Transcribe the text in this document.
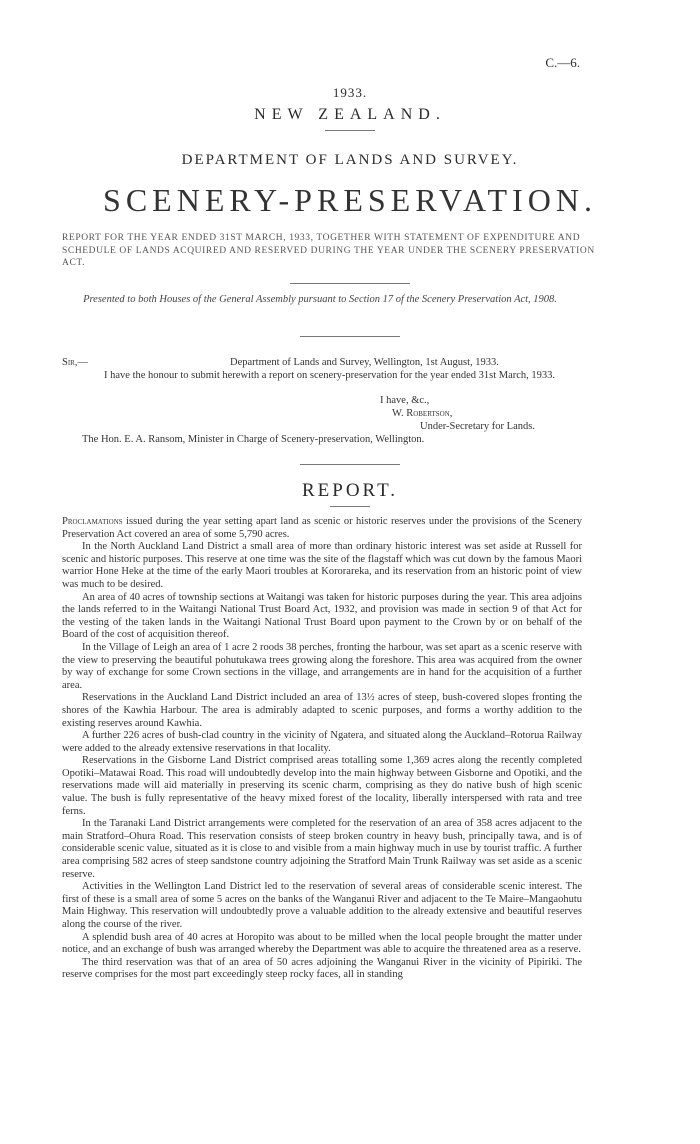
C.—6.
1933.
NEW ZEALAND.
DEPARTMENT OF LANDS AND SURVEY.
SCENERY-PRESERVATION.
REPORT FOR THE YEAR ENDED 31ST MARCH, 1933, TOGETHER WITH STATEMENT OF EXPENDITURE AND SCHEDULE OF LANDS ACQUIRED AND RESERVED DURING THE YEAR UNDER THE SCENERY PRESERVATION ACT.
Presented to both Houses of the General Assembly pursuant to Section 17 of the Scenery Preservation Act, 1908.
Sir,—	Department of Lands and Survey, Wellington, 1st August, 1933.
I have the honour to submit herewith a report on scenery-preservation for the year ended 31st March, 1933.
I have, &c.,
W. Robertson,
Under-Secretary for Lands.
The Hon. E. A. Ransom, Minister in Charge of Scenery-preservation, Wellington.
REPORT.

Proclamations issued during the year setting apart land as scenic or historic reserves under the provisions of the Scenery Preservation Act covered an area of some 5,790 acres.

In the North Auckland Land District a small area of more than ordinary historic interest was set aside at Russell for scenic and historic purposes. This reserve at one time was the site of the flagstaff which was cut down by the famous Maori warrior Hone Heke at the time of the early Maori troubles at Kororareka, and its reservation from an historic point of view was much to be desired.

An area of 40 acres of township sections at Waitangi was taken for historic purposes during the year. This area adjoins the lands referred to in the Waitangi National Trust Board Act, 1932, and provision was made in section 9 of that Act for the vesting of the taken lands in the Waitangi National Trust Board upon payment to the Crown by or on behalf of the Board of the cost of acquisition thereof.

In the Village of Leigh an area of 1 acre 2 roods 38 perches, fronting the harbour, was set apart as a scenic reserve with the view to preserving the beautiful pohutukawa trees growing along the foreshore. This area was acquired from the owner by way of exchange for some Crown sections in the village, and arrangements are in hand for the acquisition of a further area.

Reservations in the Auckland Land District included an area of 13½ acres of steep, bush-covered slopes fronting the shores of the Kawhia Harbour. The area is admirably adapted to scenic purposes, and forms a worthy addition to the existing reserves around Kawhia.

A further 226 acres of bush-clad country in the vicinity of Ngatera, and situated along the Auckland–Rotorua Railway were added to the already extensive reservations in that locality.

Reservations in the Gisborne Land District comprised areas totalling some 1,369 acres along the recently completed Opotiki–Matawai Road. This road will undoubtedly develop into the main highway between Gisborne and Opotiki, and the reservations made will aid materially in preserving its scenic charm, comprising as they do native bush of high scenic value. The bush is fully representative of the heavy mixed forest of the locality, liberally interspersed with rata and tree ferns.

In the Taranaki Land District arrangements were completed for the reservation of an area of 358 acres adjacent to the main Stratford–Ohura Road. This reservation consists of steep broken country in heavy bush, principally tawa, and is of considerable scenic value, situated as it is close to and visible from a main highway much in use by tourist traffic. A further area comprising 582 acres of steep sandstone country adjoining the Stratford Main Trunk Railway was set aside as a scenic reserve.

Activities in the Wellington Land District led to the reservation of several areas of considerable scenic interest. The first of these is a small area of some 5 acres on the banks of the Wanganui River and adjacent to the Te Maire–Mangaohutu Main Highway. This reservation will undoubtedly prove a valuable addition to the already extensive and beautiful reserves along the course of the river.

A splendid bush area of 40 acres at Horopito was about to be milled when the local people brought the matter under notice, and an exchange of bush was arranged whereby the Department was able to acquire the threatened area as a reserve.

The third reservation was that of an area of 50 acres adjoining the Wanganui River in the vicinity of Pipiriki. The reserve comprises for the most part exceedingly steep rocky faces, all in standing
